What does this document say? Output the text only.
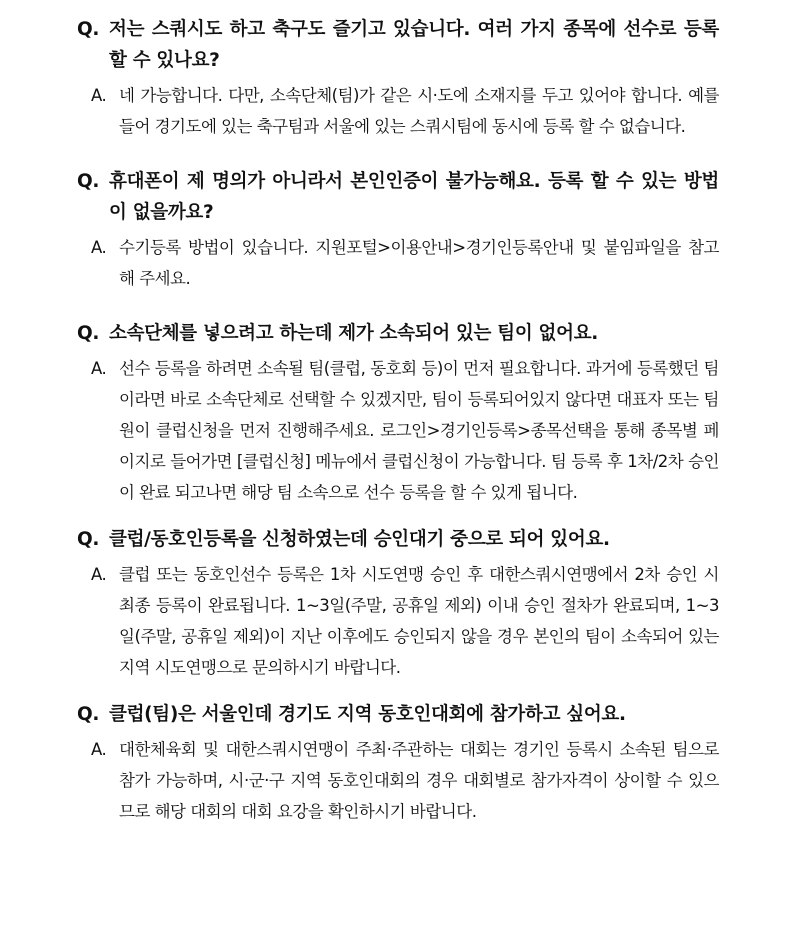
Q. 저는 스쿼시도 하고 축구도 즐기고 있습니다. 여러 가지 종목에 선수로 등록 할 수 있나요?
A. 네 가능합니다. 다만, 소속단체(팀)가 같은 시·도에 소재지를 두고 있어야 합니다. 예를 들어 경기도에 있는 축구팀과 서울에 있는 스쿼시팀에 동시에 등록 할 수 없습니다.
Q. 휴대폰이 제 명의가 아니라서 본인인증이 불가능해요. 등록 할 수 있는 방법이 없을까요?
A. 수기등록 방법이 있습니다. 지원포털>이용안내>경기인등록안내 및 붙임파일을 참고해 주세요.
Q. 소속단체를 넣으려고 하는데 제가 소속되어 있는 팀이 없어요.
A. 선수 등록을 하려면 소속될 팀(클럽, 동호회 등)이 먼저 필요합니다. 과거에 등록했던 팀이라면 바로 소속단체로 선택할 수 있겠지만, 팀이 등록되어있지 않다면 대표자 또는 팀원이 클럽신청을 먼저 진행해주세요. 로그인>경기인등록>종목선택을 통해 종목별 페이지로 들어가면 [클럽신청] 메뉴에서 클럽신청이 가능합니다. 팀 등록 후 1차/2차 승인이 완료 되고나면 해당 팀 소속으로 선수 등록을 할 수 있게 됩니다.
Q. 클럽/동호인등록을 신청하였는데 승인대기 중으로 되어 있어요.
A. 클럽 또는 동호인선수 등록은 1차 시도연맹 승인 후 대한스쿼시연맹에서 2차 승인 시 최종 등록이 완료됩니다. 1~3일(주말, 공휴일 제외) 이내 승인 절차가 완료되며, 1~3일(주말, 공휴일 제외)이 지난 이후에도 승인되지 않을 경우 본인의 팀이 소속되어 있는 지역 시도연맹으로 문의하시기 바랍니다.
Q. 클럽(팀)은 서울인데 경기도 지역 동호인대회에 참가하고 싶어요.
A. 대한체육회 및 대한스쿼시연맹이 주최·주관하는 대회는 경기인 등록시 소속된 팀으로 참가 가능하며, 시·군·구 지역 동호인대회의 경우 대회별로 참가자격이 상이할 수 있으므로 해당 대회의 대회 요강을 확인하시기 바랍니다.
